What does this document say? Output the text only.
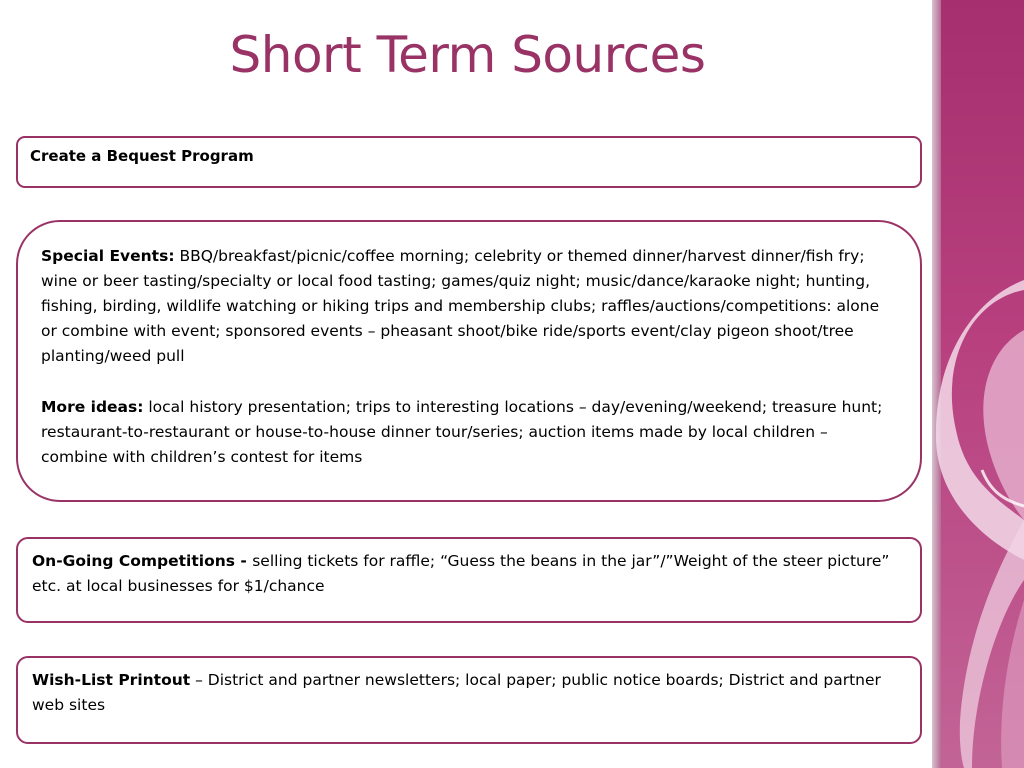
Short Term Sources
Create a Bequest Program

Special Events: BBQ/breakfast/picnic/coffee morning; celebrity or themed dinner/harvest dinner/fish fry; wine or beer tasting/specialty or local food tasting; games/quiz night; music/dance/karaoke night; hunting, fishing, birding, wildlife watching or hiking trips and membership clubs; raffles/auctions/competitions: alone or combine with event; sponsored events – pheasant shoot/bike ride/sports event/clay pigeon shoot/tree planting/weed pull

More ideas: local history presentation; trips to interesting locations – day/evening/weekend; treasure hunt; restaurant-to-restaurant or house-to-house dinner tour/series; auction items made by local children – combine with children’s contest for items

On-Going Competitions - selling tickets for raffle; “Guess the beans in the jar”/”Weight of the steer picture” etc. at local businesses for $1/chance

Wish-List Printout – District and partner newsletters; local paper; public notice boards; District and partner web sites
